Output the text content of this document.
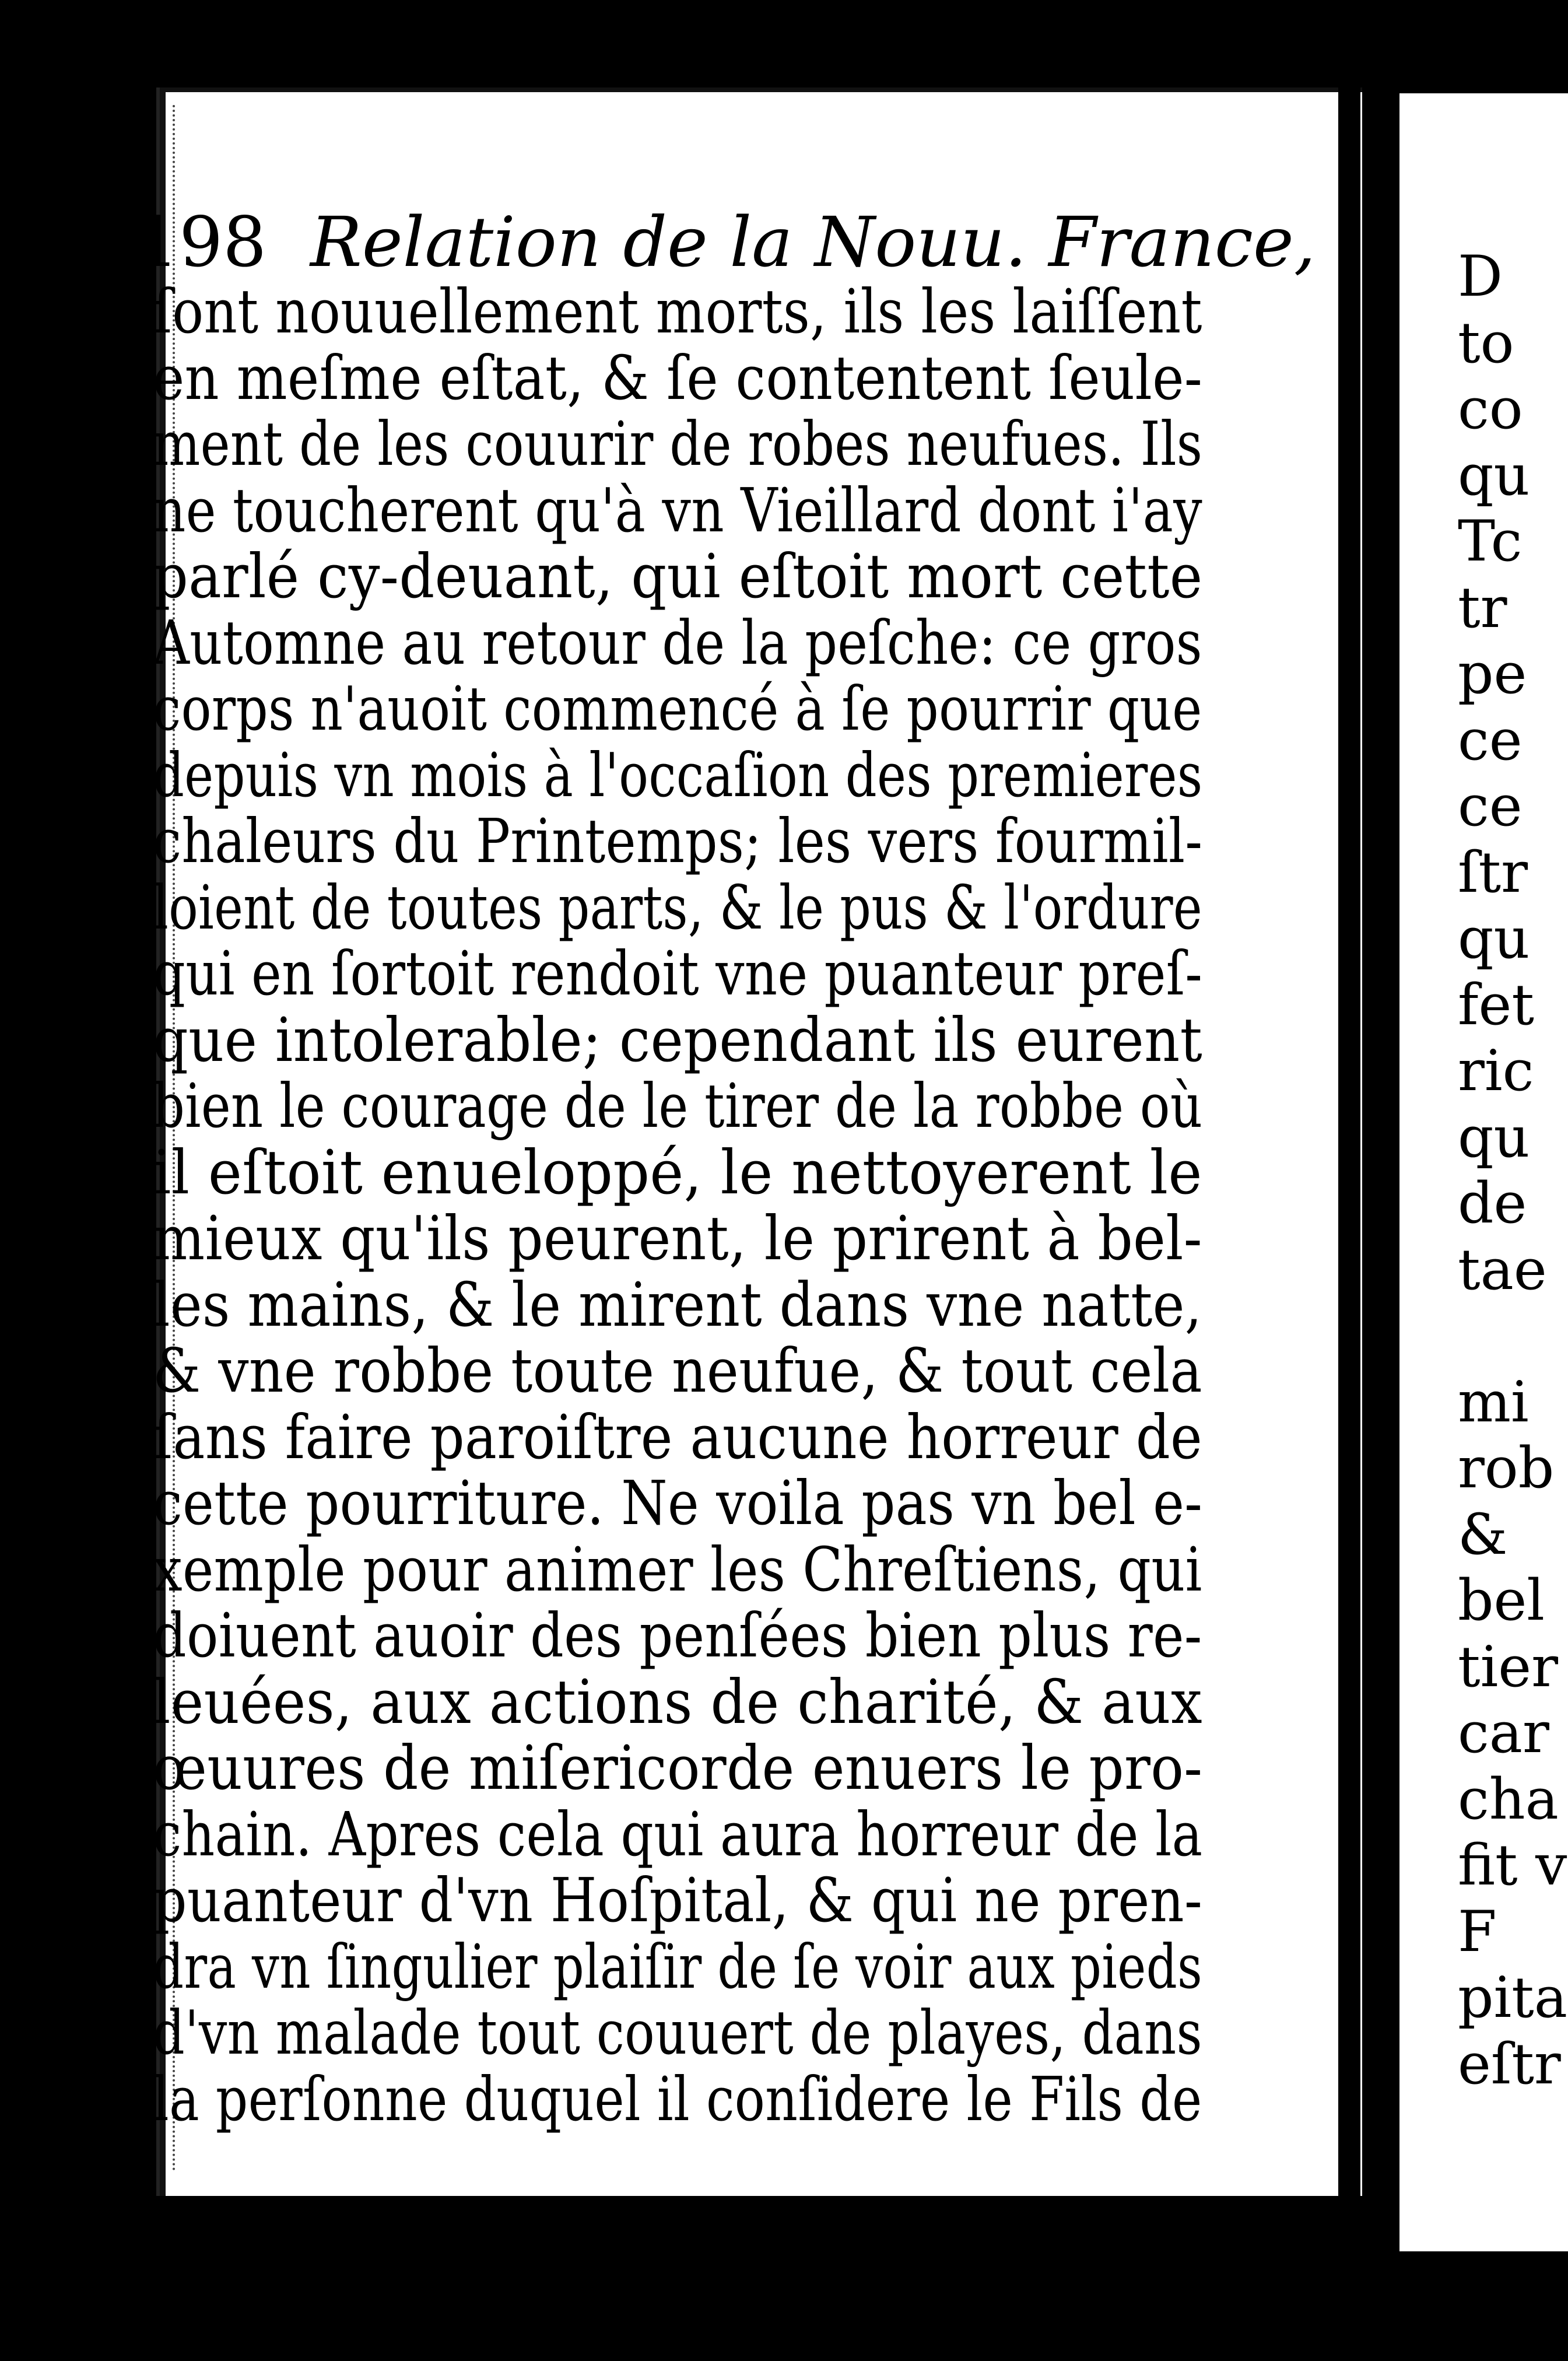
198 Relation de la Nouu. France,
ſont nouuellement morts, ils les laiſſent
en meſme eſtat, & ſe contentent ſeule-
ment de les couurir de robes neufues. Ils
ne toucherent qu'à vn Vieillard dont i'ay
parlé cy-deuant, qui eſtoit mort cette
Automne au retour de la peſche: ce gros
corps n'auoit commencé à ſe pourrir que
depuis vn mois à l'occaſion des premieres
chaleurs du Printemps; les vers fourmil-
loient de toutes parts, & le pus & l'ordure
qui en ſortoit rendoit vne puanteur preſ-
que intolerable; cependant ils eurent
bien le courage de le tirer de la robbe où
il eſtoit enueloppé, le nettoyerent le
mieux qu'ils peurent, le prirent à bel-
les mains, & le mirent dans vne natte,
& vne robbe toute neufue, & tout cela
ſans faire paroiſtre aucune horreur de
cette pourriture. Ne voila pas vn bel e-
xemple pour animer les Chreſtiens, qui
doiuent auoir des penſées bien plus re-
leuées, aux actions de charité, & aux
œuures de miſericorde enuers le pro-
chain. Apres cela qui aura horreur de la
puanteur d'vn Hoſpital, & qui ne pren-
dra vn ſingulier plaiſir de ſe voir aux pieds
d'vn malade tout couuert de playes, dans
la perſonne duquel il conſidere le Fils de
D
to
co
qu
Tc
tr
pe
ce
ce
ſtr
qu
fet
ric
qu
de
tae
mi
rob
&
bel
tier
car
cha
fit v
F
pita
eſtr
